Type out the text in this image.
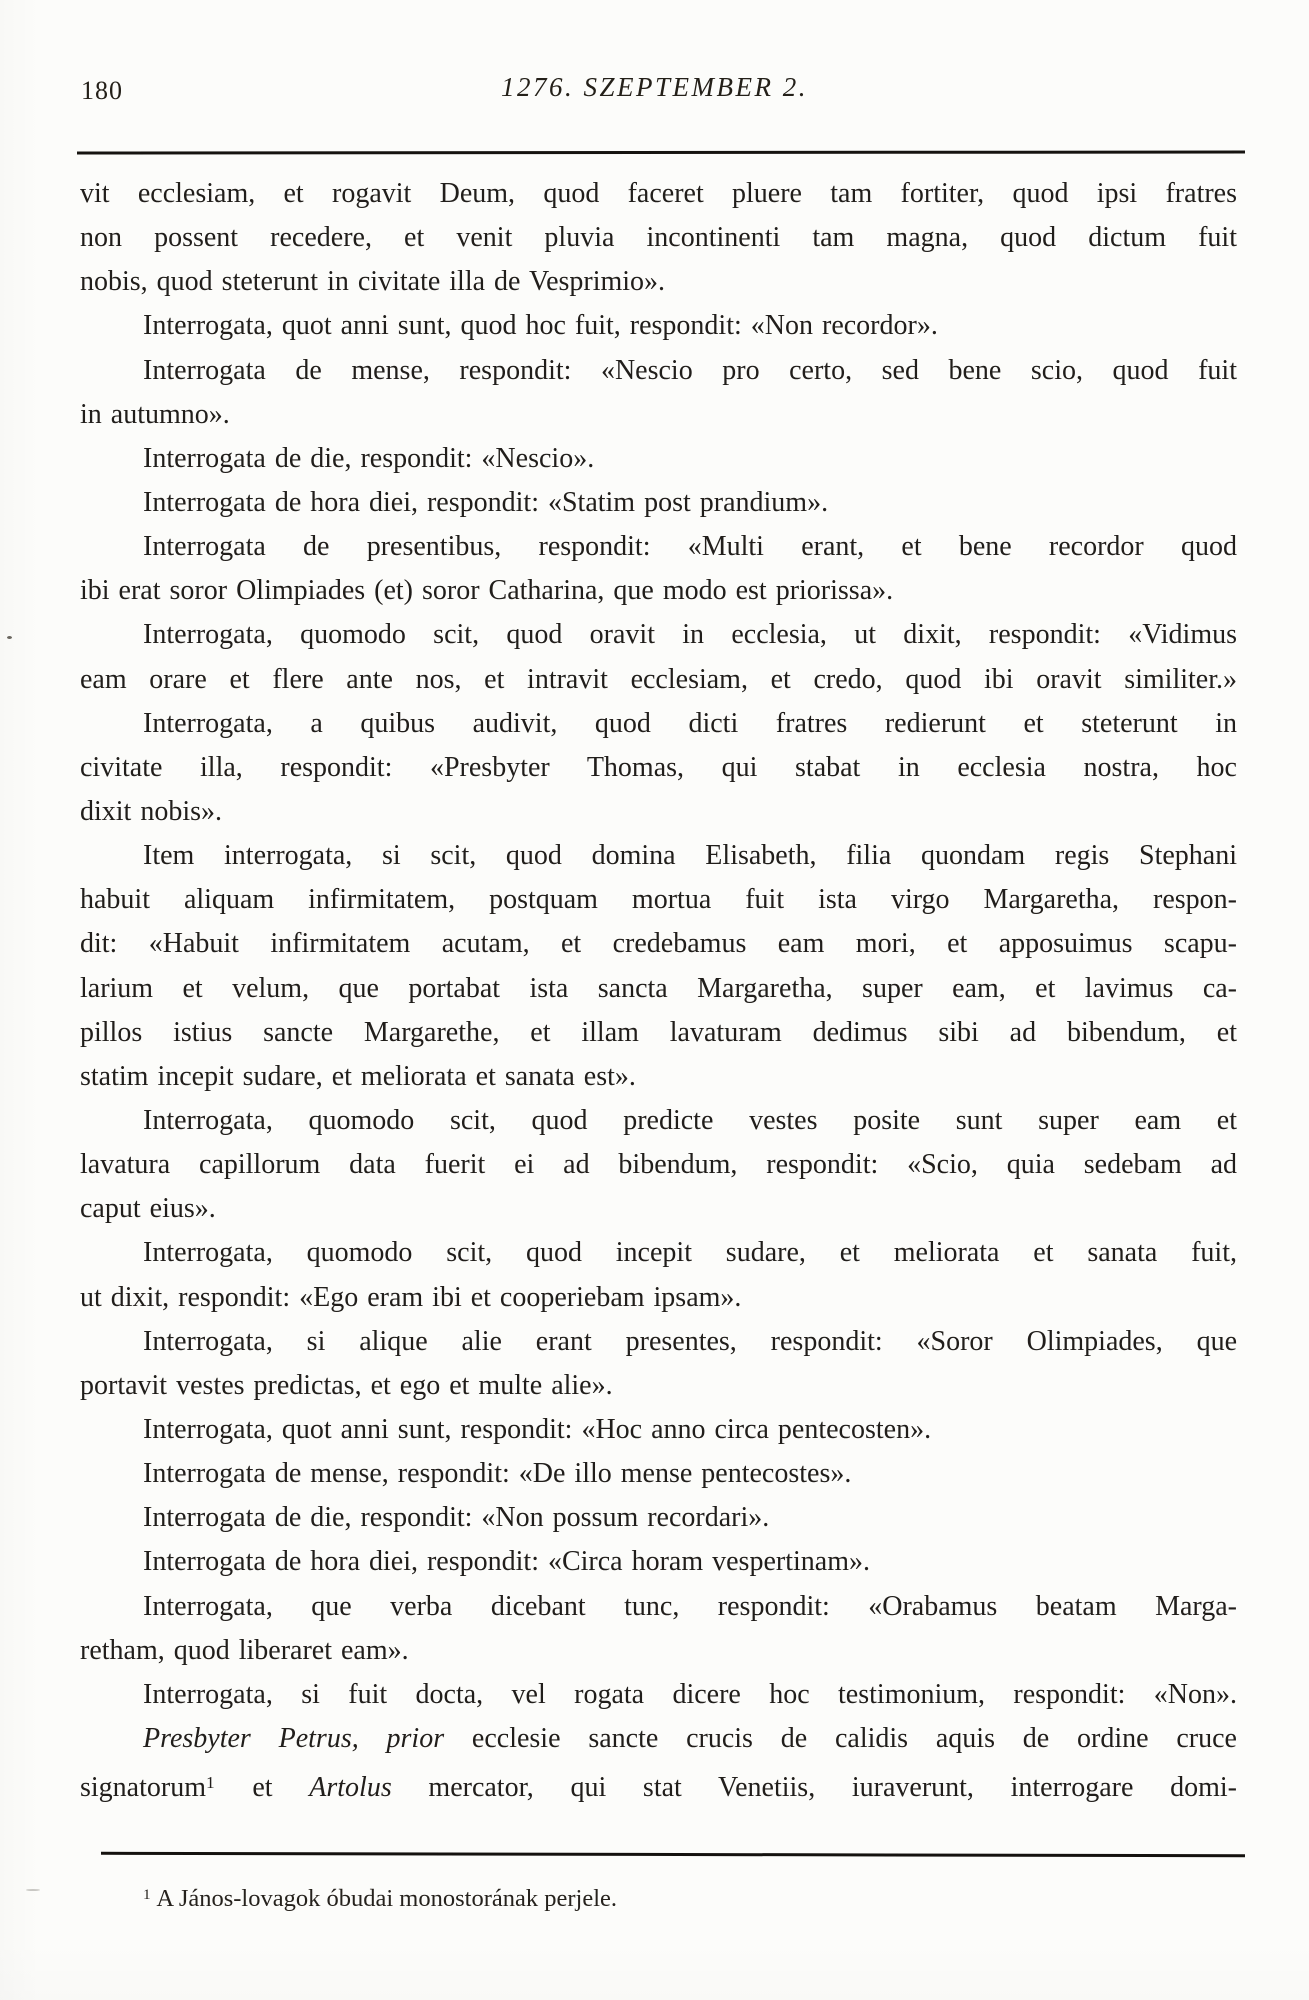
180	1276. SZEPTEMBER 2.
vit ecclesiam, et rogavit Deum, quod faceret pluere tam fortiter, quod ipsi fratres
non possent recedere, et venit pluvia incontinenti tam magna, quod dictum fuit
nobis, quod steterunt in civitate illa de Vesprimio».
Interrogata, quot anni sunt, quod hoc fuit, respondit: «Non recordor».
Interrogata de mense, respondit: «Nescio pro certo, sed bene scio, quod fuit
in autumno».
Interrogata de die, respondit: «Nescio».
Interrogata de hora diei, respondit: «Statim post prandium».
Interrogata de presentibus, respondit: «Multi erant, et bene recordor quod
ibi erat soror Olimpiades (et) soror Catharina, que modo est priorissa».
Interrogata, quomodo scit, quod oravit in ecclesia, ut dixit, respondit: «Vidimus
eam orare et flere ante nos, et intravit ecclesiam, et credo, quod ibi oravit similiter.»
Interrogata, a quibus audivit, quod dicti fratres redierunt et steterunt in
civitate illa, respondit: «Presbyter Thomas, qui stabat in ecclesia nostra, hoc
dixit nobis».
Item interrogata, si scit, quod domina Elisabeth, filia quondam regis Stephani
habuit aliquam infirmitatem, postquam mortua fuit ista virgo Margaretha, respon-
dit: «Habuit infirmitatem acutam, et credebamus eam mori, et apposuimus scapu-
larium et velum, que portabat ista sancta Margaretha, super eam, et lavimus ca-
pillos istius sancte Margarethe, et illam lavaturam dedimus sibi ad bibendum, et
statim incepit sudare, et meliorata et sanata est».
Interrogata, quomodo scit, quod predicte vestes posite sunt super eam et
lavatura capillorum data fuerit ei ad bibendum, respondit: «Scio, quia sedebam ad
caput eius».
Interrogata, quomodo scit, quod incepit sudare, et meliorata et sanata fuit,
ut dixit, respondit: «Ego eram ibi et cooperiebam ipsam».
Interrogata, si alique alie erant presentes, respondit: «Soror Olimpiades, que
portavit vestes predictas, et ego et multe alie».
Interrogata, quot anni sunt, respondit: «Hoc anno circa pentecosten».
Interrogata de mense, respondit: «De illo mense pentecostes».
Interrogata de die, respondit: «Non possum recordari».
Interrogata de hora diei, respondit: «Circa horam vespertinam».
Interrogata, que verba dicebant tunc, respondit: «Orabamus beatam Marga-
retham, quod liberaret eam».
Interrogata, si fuit docta, vel rogata dicere hoc testimonium, respondit: «Non».
Presbyter Petrus, prior ecclesie sancte crucis de calidis aquis de ordine cruce
signatorum$^1$ et Artolus mercator, qui stat Venetiis, iuraverunt, interrogare domi-
$^1$ A János-lovagok óbudai monostorának perjele.
